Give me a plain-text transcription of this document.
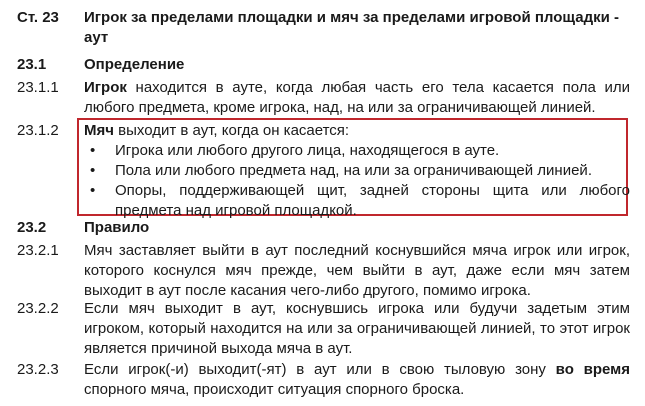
Ст. 23 Игрок за пределами площадки и мяч за пределами игровой площадки - аут
23.1	Определение
23.1.1 Игрок находится в ауте, когда любая часть его тела касается пола или любого предмета, кроме игрока, над, на или за ограничивающей линией.
23.1.2 Мяч выходит в аут, когда он касается:
• Игрока или любого другого лица, находящегося в ауте.
• Пола или любого предмета над, на или за ограничивающей линией.
• Опоры, поддерживающей щит, задней стороны щита или любого предмета над игровой площадкой.
23.2	Правило
23.2.1 Мяч заставляет выйти в аут последний коснувшийся мяча игрок или игрок, которого коснулся мяч прежде, чем выйти в аут, даже если мяч затем выходит в аут после касания чего-либо другого, помимо игрока.
23.2.2 Если мяч выходит в аут, коснувшись игрока или будучи задетым этим игроком, который находится на или за ограничивающей линией, то этот игрок является причиной выхода мяча в аут.
23.2.3 Если игрок(-и) выходит(-ят) в аут или в свою тыловую зону во время спорного мяча, происходит ситуация спорного броска.
